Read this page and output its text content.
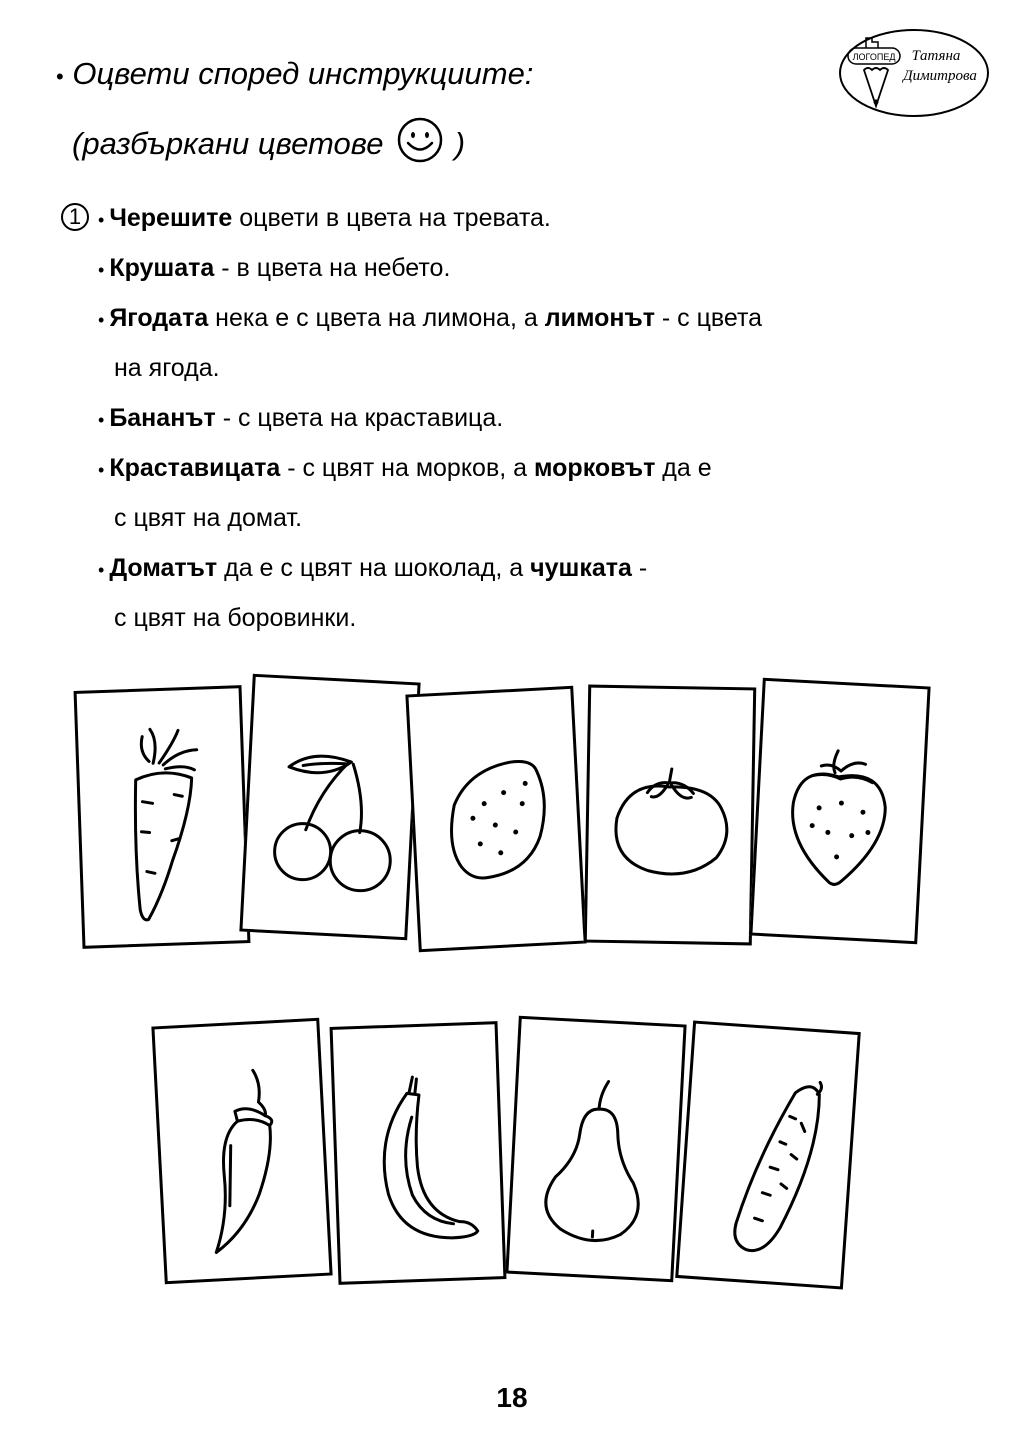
ЛОГОПЕД Тaтяна
Димитрова
• Оцвети според инструкциите:
(разбъркани цветове )
1 • Черешите оцвети в цвета на тревата.
• Крушата - в цвета на небето.
• Ягодата нека е с цвета на лимона, а лимонът - с цвета
на ягода.
• Бананът - с цвета на краставица.
• Краставицата - с цвят на морков, а морковът да е
с цвят на домат.
• Доматът да е с цвят на шоколад, а чушката -
с цвят на боровинки.
18
